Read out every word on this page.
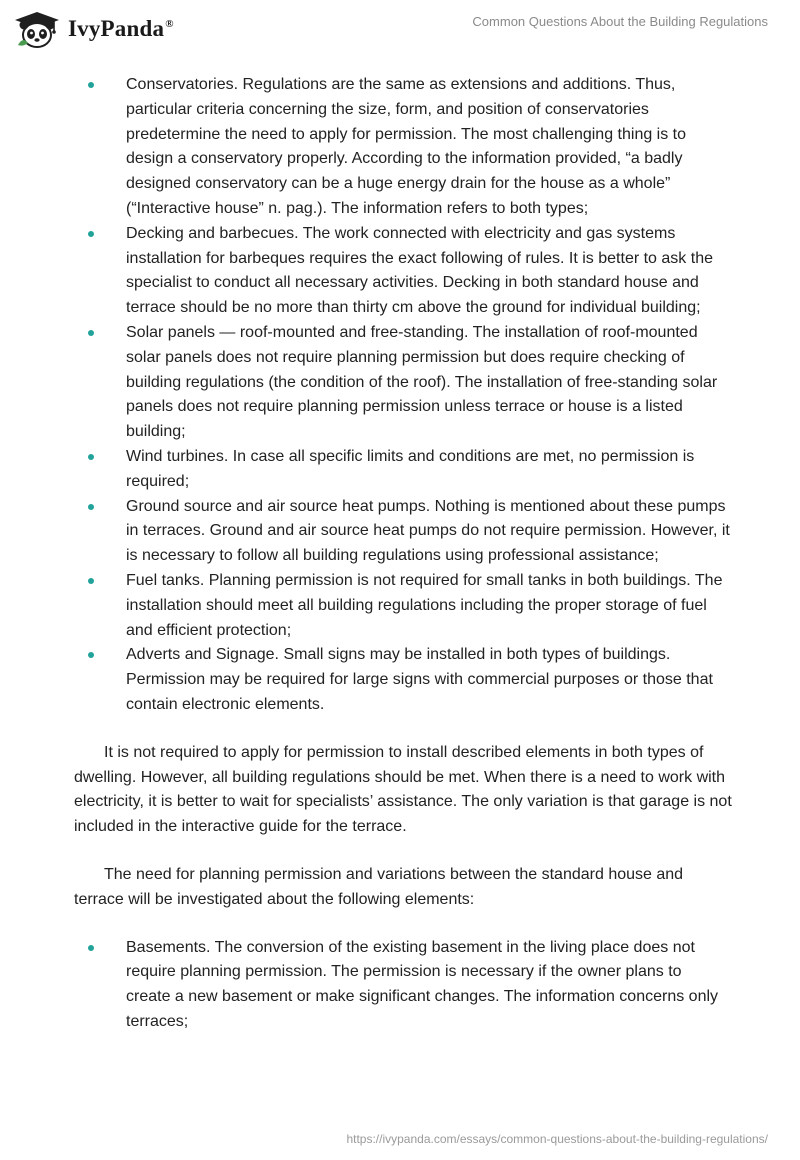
IvyPanda®	Common Questions About the Building Regulations
Conservatories. Regulations are the same as extensions and additions. Thus, particular criteria concerning the size, form, and position of conservatories predetermine the need to apply for permission. The most challenging thing is to design a conservatory properly. According to the information provided, “a badly designed conservatory can be a huge energy drain for the house as a whole” (“Interactive house” n. pag.). The information refers to both types;
Decking and barbecues. The work connected with electricity and gas systems installation for barbeques requires the exact following of rules. It is better to ask the specialist to conduct all necessary activities. Decking in both standard house and terrace should be no more than thirty cm above the ground for individual building;
Solar panels — roof-mounted and free-standing. The installation of roof-mounted solar panels does not require planning permission but does require checking of building regulations (the condition of the roof). The installation of free-standing solar panels does not require planning permission unless terrace or house is a listed building;
Wind turbines. In case all specific limits and conditions are met, no permission is required;
Ground source and air source heat pumps. Nothing is mentioned about these pumps in terraces. Ground and air source heat pumps do not require permission. However, it is necessary to follow all building regulations using professional assistance;
Fuel tanks. Planning permission is not required for small tanks in both buildings. The installation should meet all building regulations including the proper storage of fuel and efficient protection;
Adverts and Signage. Small signs may be installed in both types of buildings. Permission may be required for large signs with commercial purposes or those that contain electronic elements.

It is not required to apply for permission to install described elements in both types of dwelling. However, all building regulations should be met. When there is a need to work with electricity, it is better to wait for specialists’ assistance. The only variation is that garage is not included in the interactive guide for the terrace.

The need for planning permission and variations between the standard house and terrace will be investigated about the following elements:

Basements. The conversion of the existing basement in the living place does not require planning permission. The permission is necessary if the owner plans to create a new basement or make significant changes. The information concerns only terraces;
https://ivypanda.com/essays/common-questions-about-the-building-regulations/
